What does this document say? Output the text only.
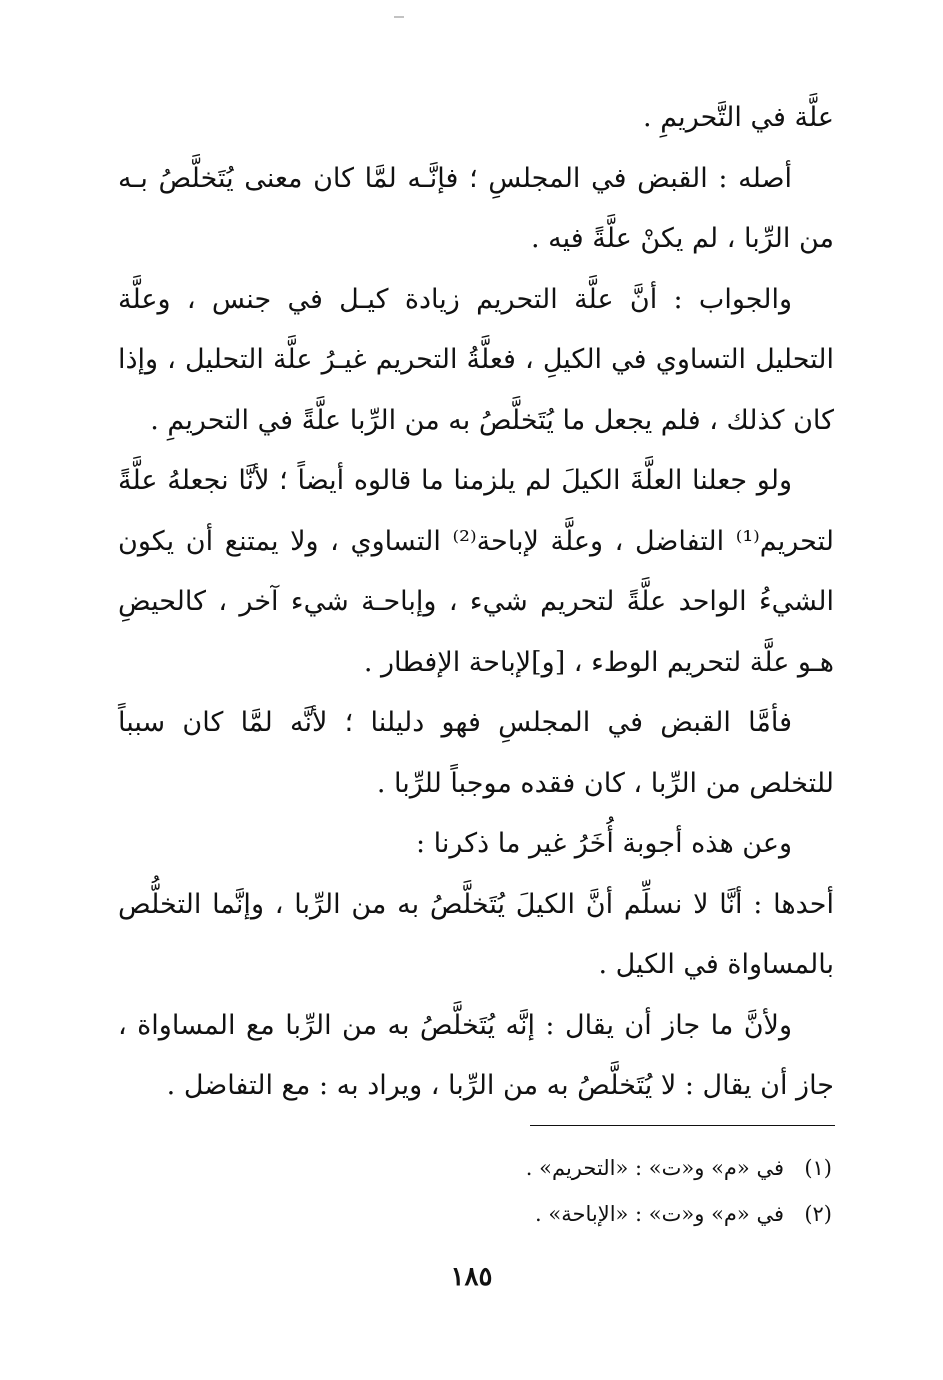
علَّة في التَّحريمِ .

أصله : القبض في المجلسِ ؛ فإنَّـه لمَّا كان معنى يُتَخلَّصُ بـه من الرِّبا ، لم يكنْ علَّةً فيه .

والجواب : أنَّ علَّة التحريم زيادة كيـل في جنس ، وعلَّة التحليل التساوي في الكيلِ ، فعلَّةُ التحريم غيـرُ علَّة التحليل ، وإذا كان كذلك ، فلم يجعل ما يُتَخلَّصُ به من الرِّبا علَّةً في التحريمِ .

ولو جعلنا العلَّةَ الكيلَ لم يلزمنا ما قالوه أيضاً ؛ لأنَّا نجعلهُ علَّةً لتحريم⁽¹⁾ التفاضل ، وعلَّة لإباحة⁽²⁾ التساوي ، ولا يمتنع أن يكون الشيءُ الواحد علَّةً لتحريم شيء ، وإباحـة شيء آخر ، كالحيضِ هـو علَّة لتحريم الوطء ، [و]لإباحة الإفطار .

فأمَّا القبض في المجلسِ فهو دليلنا ؛ لأنَّه لمَّا كان سبباً للتخلص من الرِّبا ، كان فقده موجباً للرِّبا .

وعن هذه أجوبة أُخَرُ غير ما ذكرنا :

أحدها : أنَّا لا نسلِّم أنَّ الكيلَ يُتَخلَّصُ به من الرِّبا ، وإنَّما التخلُّص بالمساواة في الكيل .

ولأنَّ ما جاز أن يقال : إنَّه يُتَخلَّصُ به من الرِّبا مع المساواة ، جاز أن يقال : لا يُتَخلَّصُ به من الرِّبا ، ويراد به : مع التفاضل .

(١)
في «م» و«ت» : «التحريم» .
(٢)
في «م» و«ت» : «الإباحة» .
١٨٥
